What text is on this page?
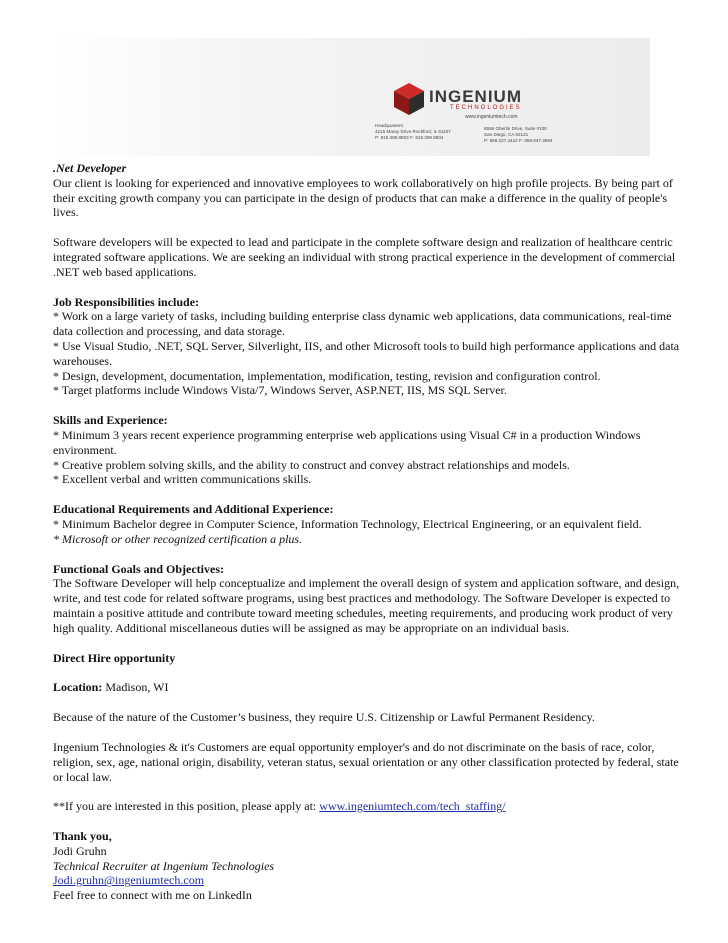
INGENIUM
TECHNOLOGIES
www.ingeniumtech.com
Headquarters:
4216 Maray Drive Rockford, IL 61107
P: 815.399.8803 F: 815.399.8804
8556 Oberlin Drive, Suite #100
San Diego, CA 92121
P: 858.227.4422 F: 858.947.3894

.Net Developer

Our client is looking for experienced and innovative employees to work collaboratively on high profile projects. By being part of their exciting growth company you can participate in the design of products that can make a difference in the quality of people's lives.

Software developers will be expected to lead and participate in the complete software design and realization of healthcare centric integrated software applications. We are seeking an individual with strong practical experience in the development of commercial .NET web based applications.

Job Responsibilities include:

* Work on a large variety of tasks, including building enterprise class dynamic web applications, data communications, real-time data collection and processing, and data storage.

* Use Visual Studio, .NET, SQL Server, Silverlight, IIS, and other Microsoft tools to build high performance applications and data warehouses.

* Design, development, documentation, implementation, modification, testing, revision and configuration control.

* Target platforms include Windows Vista/7, Windows Server, ASP.NET, IIS, MS SQL Server.

Skills and Experience:

* Minimum 3 years recent experience programming enterprise web applications using Visual C# in a production Windows environment.

* Creative problem solving skills, and the ability to construct and convey abstract relationships and models.

* Excellent verbal and written communications skills.

Educational Requirements and Additional Experience:

* Minimum Bachelor degree in Computer Science, Information Technology, Electrical Engineering, or an equivalent field.

* Microsoft or other recognized certification a plus.

Functional Goals and Objectives:

The Software Developer will help conceptualize and implement the overall design of system and application software, and design, write, and test code for related software programs, using best practices and methodology. The Software Developer is expected to maintain a positive attitude and contribute toward meeting schedules, meeting requirements, and producing work product of very high quality. Additional miscellaneous duties will be assigned as may be appropriate on an individual basis.

Direct Hire opportunity

Location: Madison, WI

Because of the nature of the Customer’s business, they require U.S. Citizenship or Lawful Permanent Residency.

Ingenium Technologies & it's Customers are equal opportunity employer's and do not discriminate on the basis of race, color, religion, sex, age, national origin, disability, veteran status, sexual orientation or any other classification protected by federal, state or local law.

**If you are interested in this position, please apply at: www.ingeniumtech.com/tech_staffing/

Thank you,

Jodi Gruhn

Technical Recruiter at Ingenium Technologies

Jodi.gruhn@ingeniumtech.com

Feel free to connect with me on LinkedIn
